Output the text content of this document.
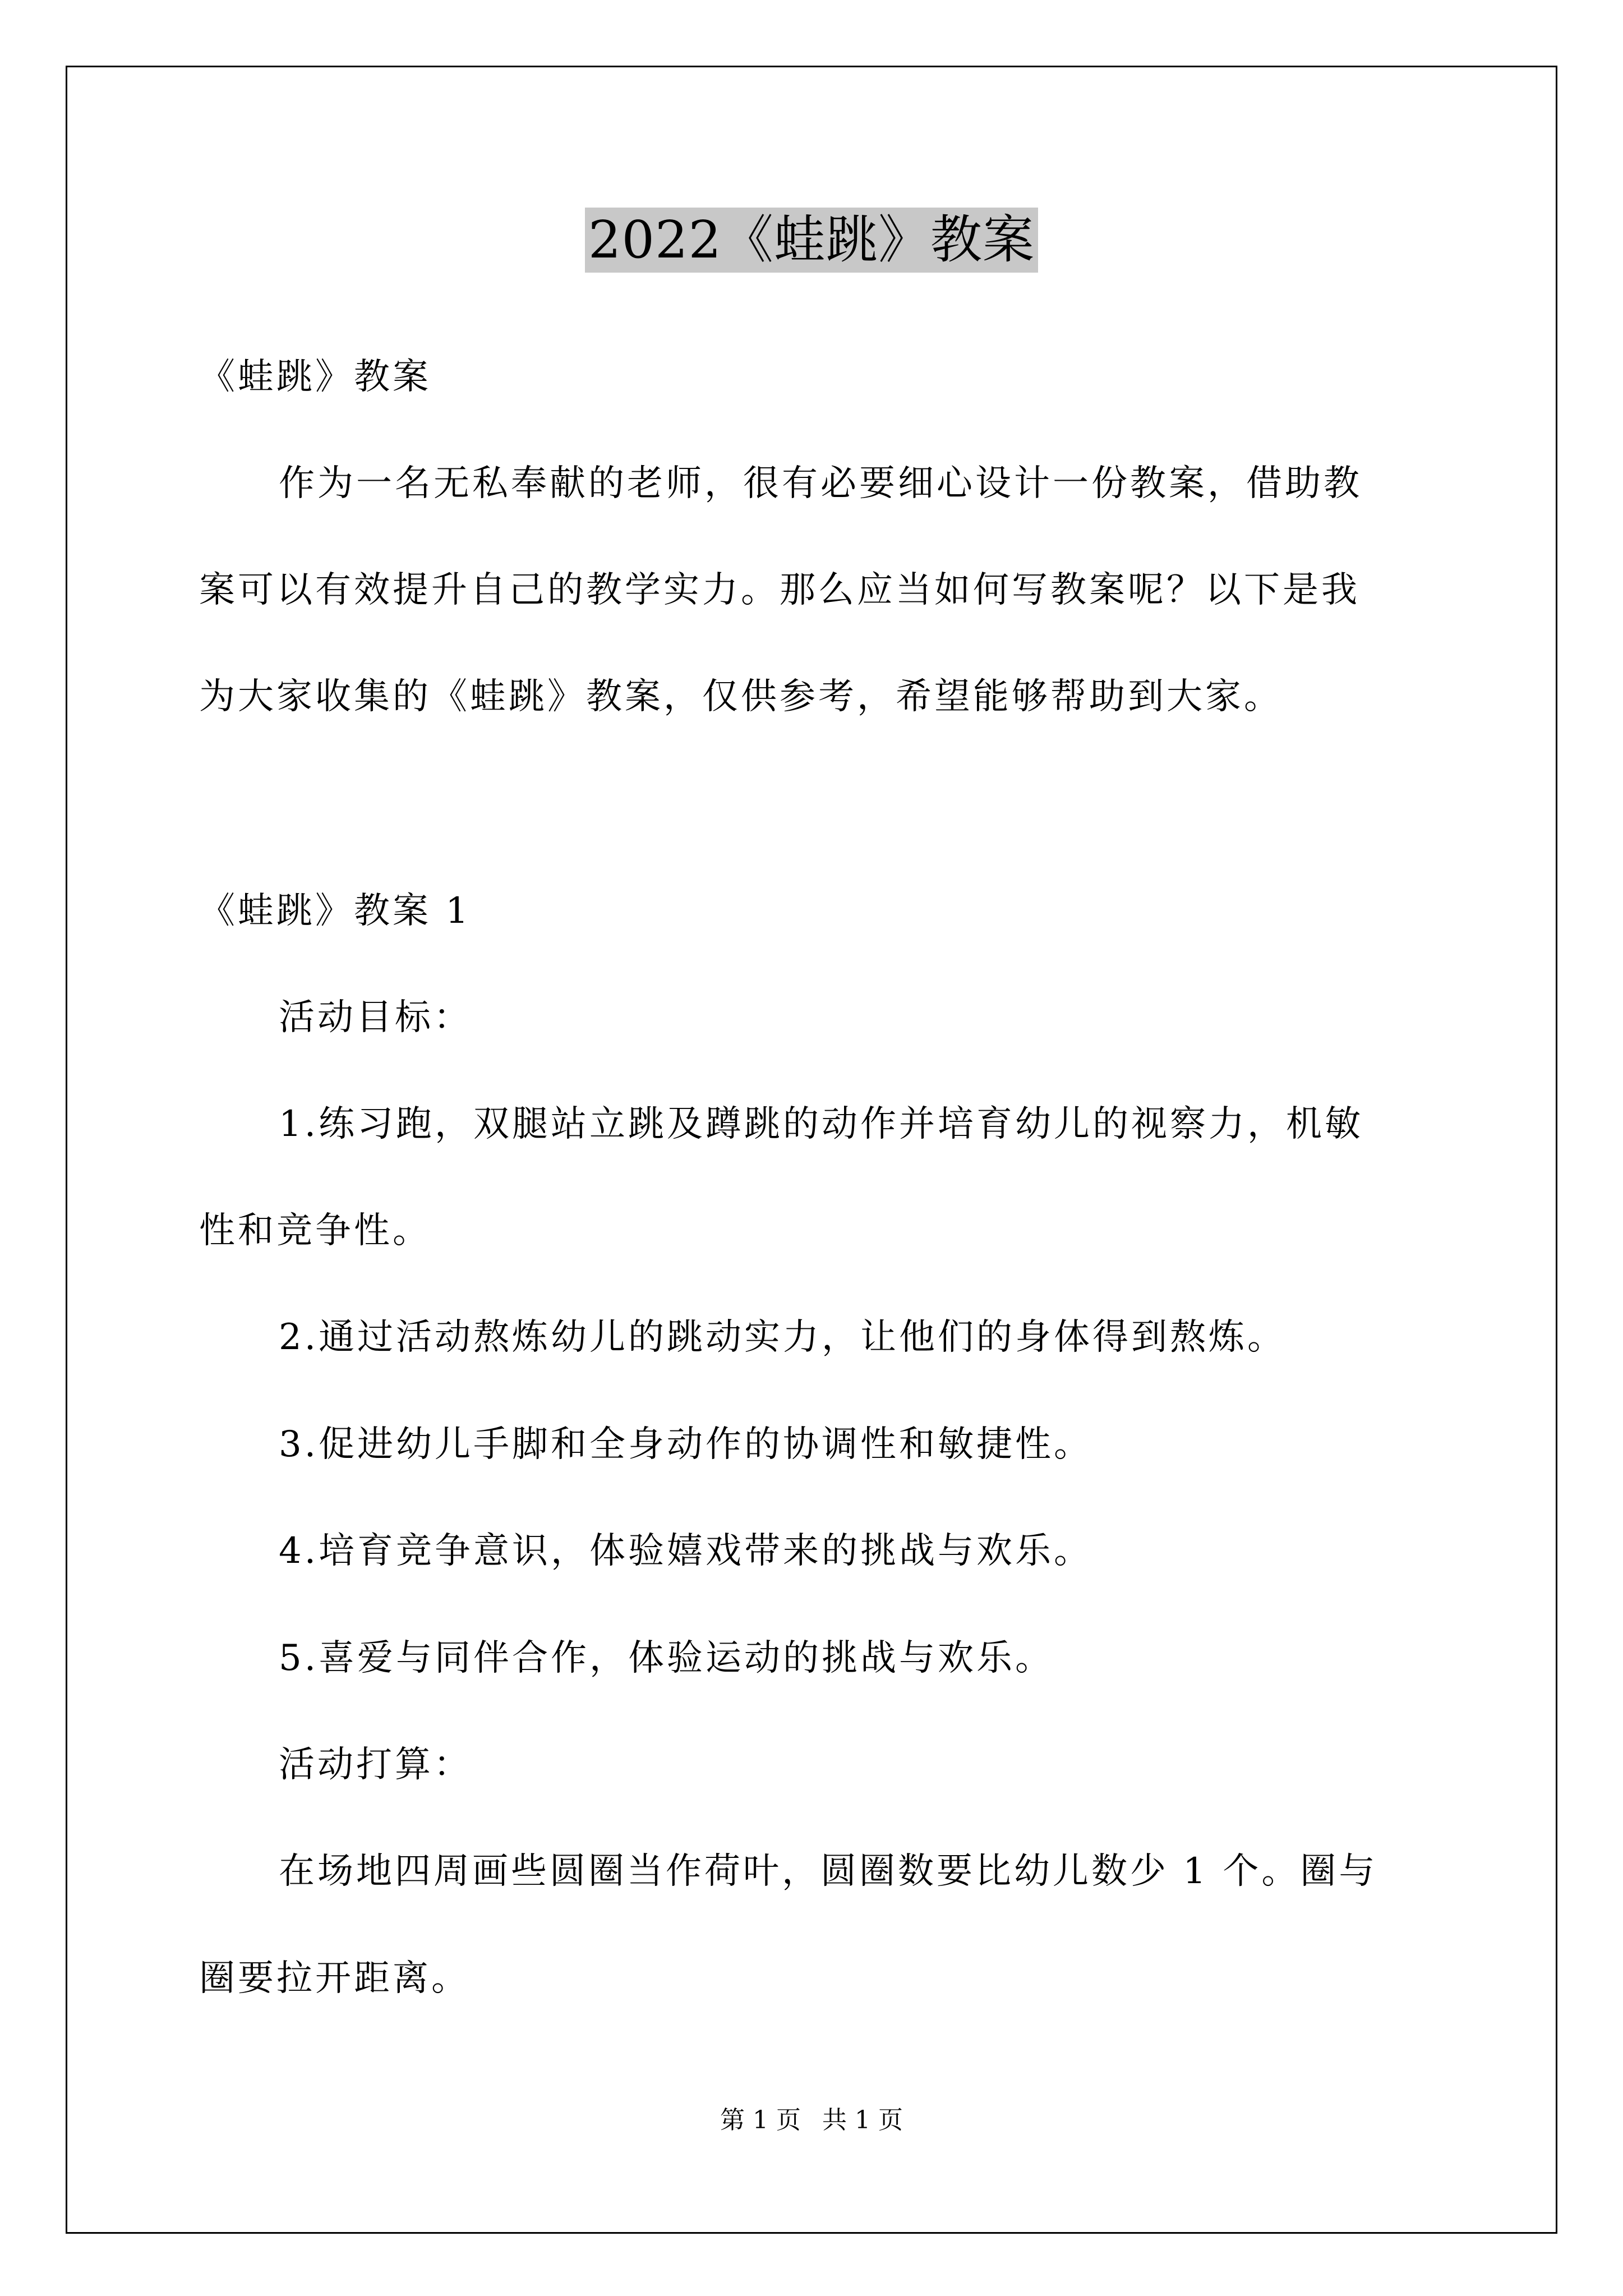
2022《蛙跳》教案
《蛙跳》教案
作为一名无私奉献的老师，很有必要细心设计一份教案，借助教
案可以有效提升自己的教学实力。那么应当如何写教案呢？以下是我
为大家收集的《蛙跳》教案，仅供参考，希望能够帮助到大家。
《蛙跳》教案 1
活动目标：
1.练习跑，双腿站立跳及蹲跳的动作并培育幼儿的视察力，机敏
性和竞争性。
2.通过活动熬炼幼儿的跳动实力，让他们的身体得到熬炼。
3.促进幼儿手脚和全身动作的协调性和敏捷性。
4.培育竞争意识，体验嬉戏带来的挑战与欢乐。
5.喜爱与同伴合作，体验运动的挑战与欢乐。
活动打算：
在场地四周画些圆圈当作荷叶，圆圈数要比幼儿数少 1 个。圈与
圈要拉开距离。
第 1 页 共 1 页
